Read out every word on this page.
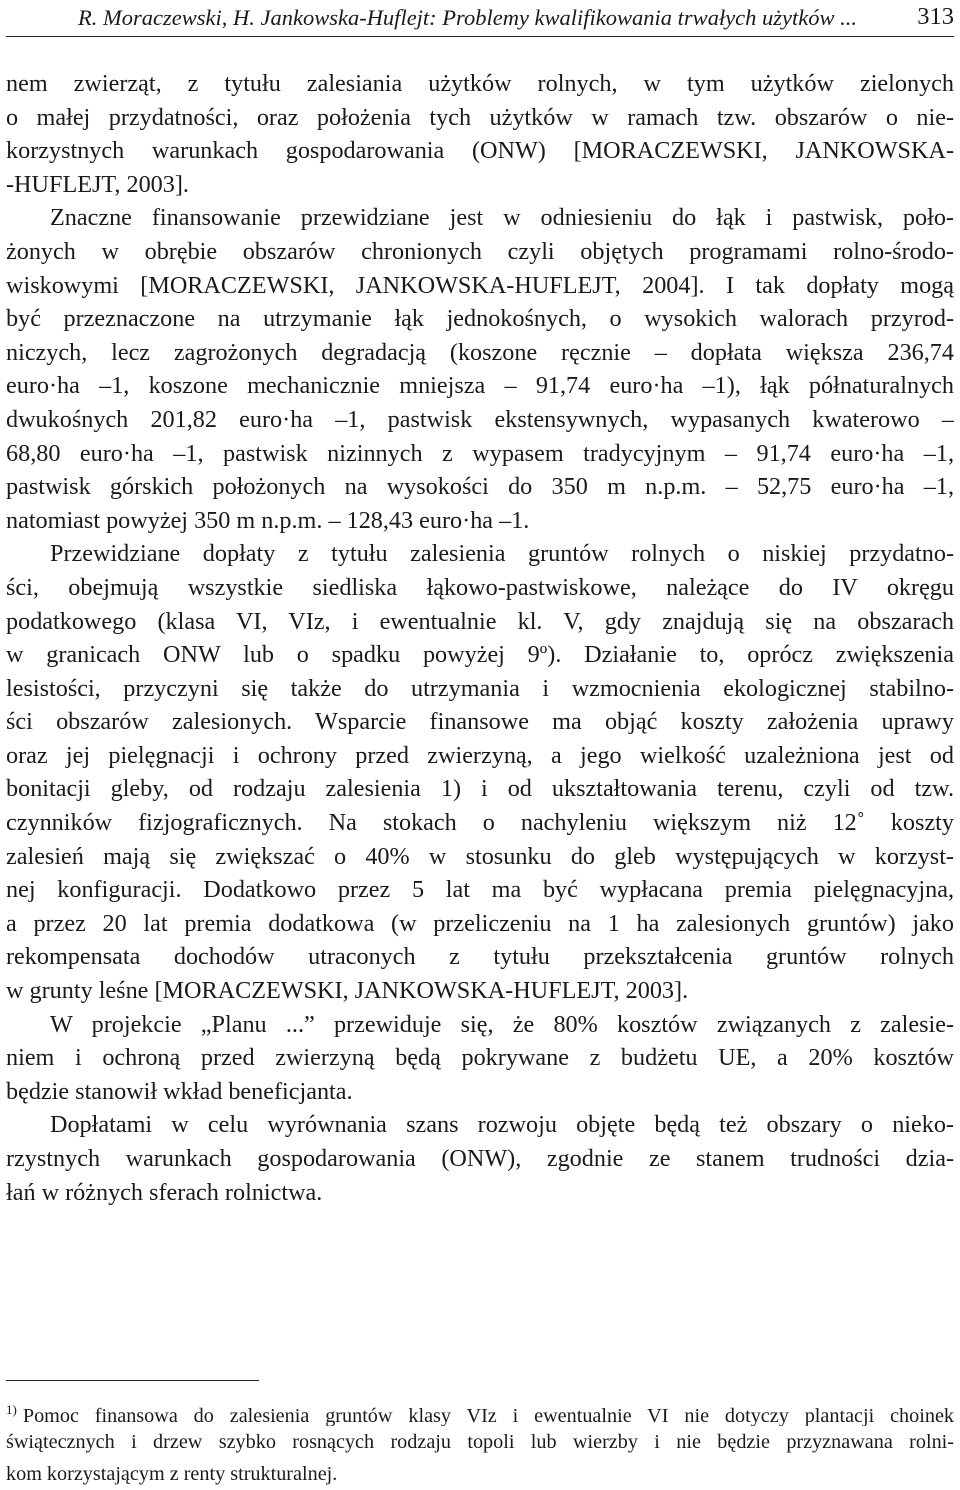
R. Moraczewski, H. Jankowska-Huflejt: Problemy kwalifikowania trwałych użytków ... 313
nem zwierząt, z tytułu zalesiania użytków rolnych, w tym użytków zielonych
o małej przydatności, oraz położenia tych użytków w ramach tzw. obszarów o nie-
korzystnych warunkach gospodarowania (ONW) [MORACZEWSKI, JANKOWSKA-
-HUFLEJT, 2003].
Znaczne finansowanie przewidziane jest w odniesieniu do łąk i pastwisk, poło-
żonych w obrębie obszarów chronionych czyli objętych programami rolno-środo-
wiskowymi [MORACZEWSKI, JANKOWSKA-HUFLEJT, 2004]. I tak dopłaty mogą
być przeznaczone na utrzymanie łąk jednokośnych, o wysokich walorach przyrod-
niczych, lecz zagrożonych degradacją (koszone ręcznie – dopłata większa 236,74
euro·ha –1, koszone mechanicznie mniejsza – 91,74 euro·ha –1), łąk półnaturalnych
dwukośnych 201,82 euro·ha –1, pastwisk ekstensywnych, wypasanych kwaterowo –
68,80 euro·ha –1, pastwisk nizinnych z wypasem tradycyjnym – 91,74 euro·ha –1,
pastwisk górskich położonych na wysokości do 350 m n.p.m. – 52,75 euro·ha –1,
natomiast powyżej 350 m n.p.m. – 128,43 euro·ha –1.
Przewidziane dopłaty z tytułu zalesienia gruntów rolnych o niskiej przydatno-
ści, obejmują wszystkie siedliska łąkowo-pastwiskowe, należące do IV okręgu
podatkowego (klasa VI, VIz, i ewentualnie kl. V, gdy znajdują się na obszarach
w granicach ONW lub o spadku powyżej 9º). Działanie to, oprócz zwiększenia
lesistości, przyczyni się także do utrzymania i wzmocnienia ekologicznej stabilno-
ści obszarów zalesionych. Wsparcie finansowe ma objąć koszty założenia uprawy
oraz jej pielęgnacji i ochrony przed zwierzyną, a jego wielkość uzależniona jest od
bonitacji gleby, od rodzaju zalesienia 1) i od ukształtowania terenu, czyli od tzw.
czynników fizjograficznych. Na stokach o nachyleniu większym niż 12˚ koszty
zalesień mają się zwiększać o 40% w stosunku do gleb występujących w korzyst-
nej konfiguracji. Dodatkowo przez 5 lat ma być wypłacana premia pielęgnacyjna,
a przez 20 lat premia dodatkowa (w przeliczeniu na 1 ha zalesionych gruntów) jako
rekompensata dochodów utraconych z tytułu przekształcenia gruntów rolnych
w grunty leśne [MORACZEWSKI, JANKOWSKA-HUFLEJT, 2003].
W projekcie „Planu ...” przewiduje się, że 80% kosztów związanych z zalesie-
niem i ochroną przed zwierzyną będą pokrywane z budżetu UE, a 20% kosztów
będzie stanowił wkład beneficjanta.
Dopłatami w celu wyrównania szans rozwoju objęte będą też obszary o nieko-
rzystnych warunkach gospodarowania (ONW), zgodnie ze stanem trudności dzia-
łań w różnych sferach rolnictwa.
$^{1)}$ Pomoc finansowa do zalesienia gruntów klasy VIz i ewentualnie VI nie dotyczy plantacji choinek
świątecznych i drzew szybko rosnących rodzaju topoli lub wierzby i nie będzie przyznawana rolni-
kom korzystającym z renty strukturalnej.
